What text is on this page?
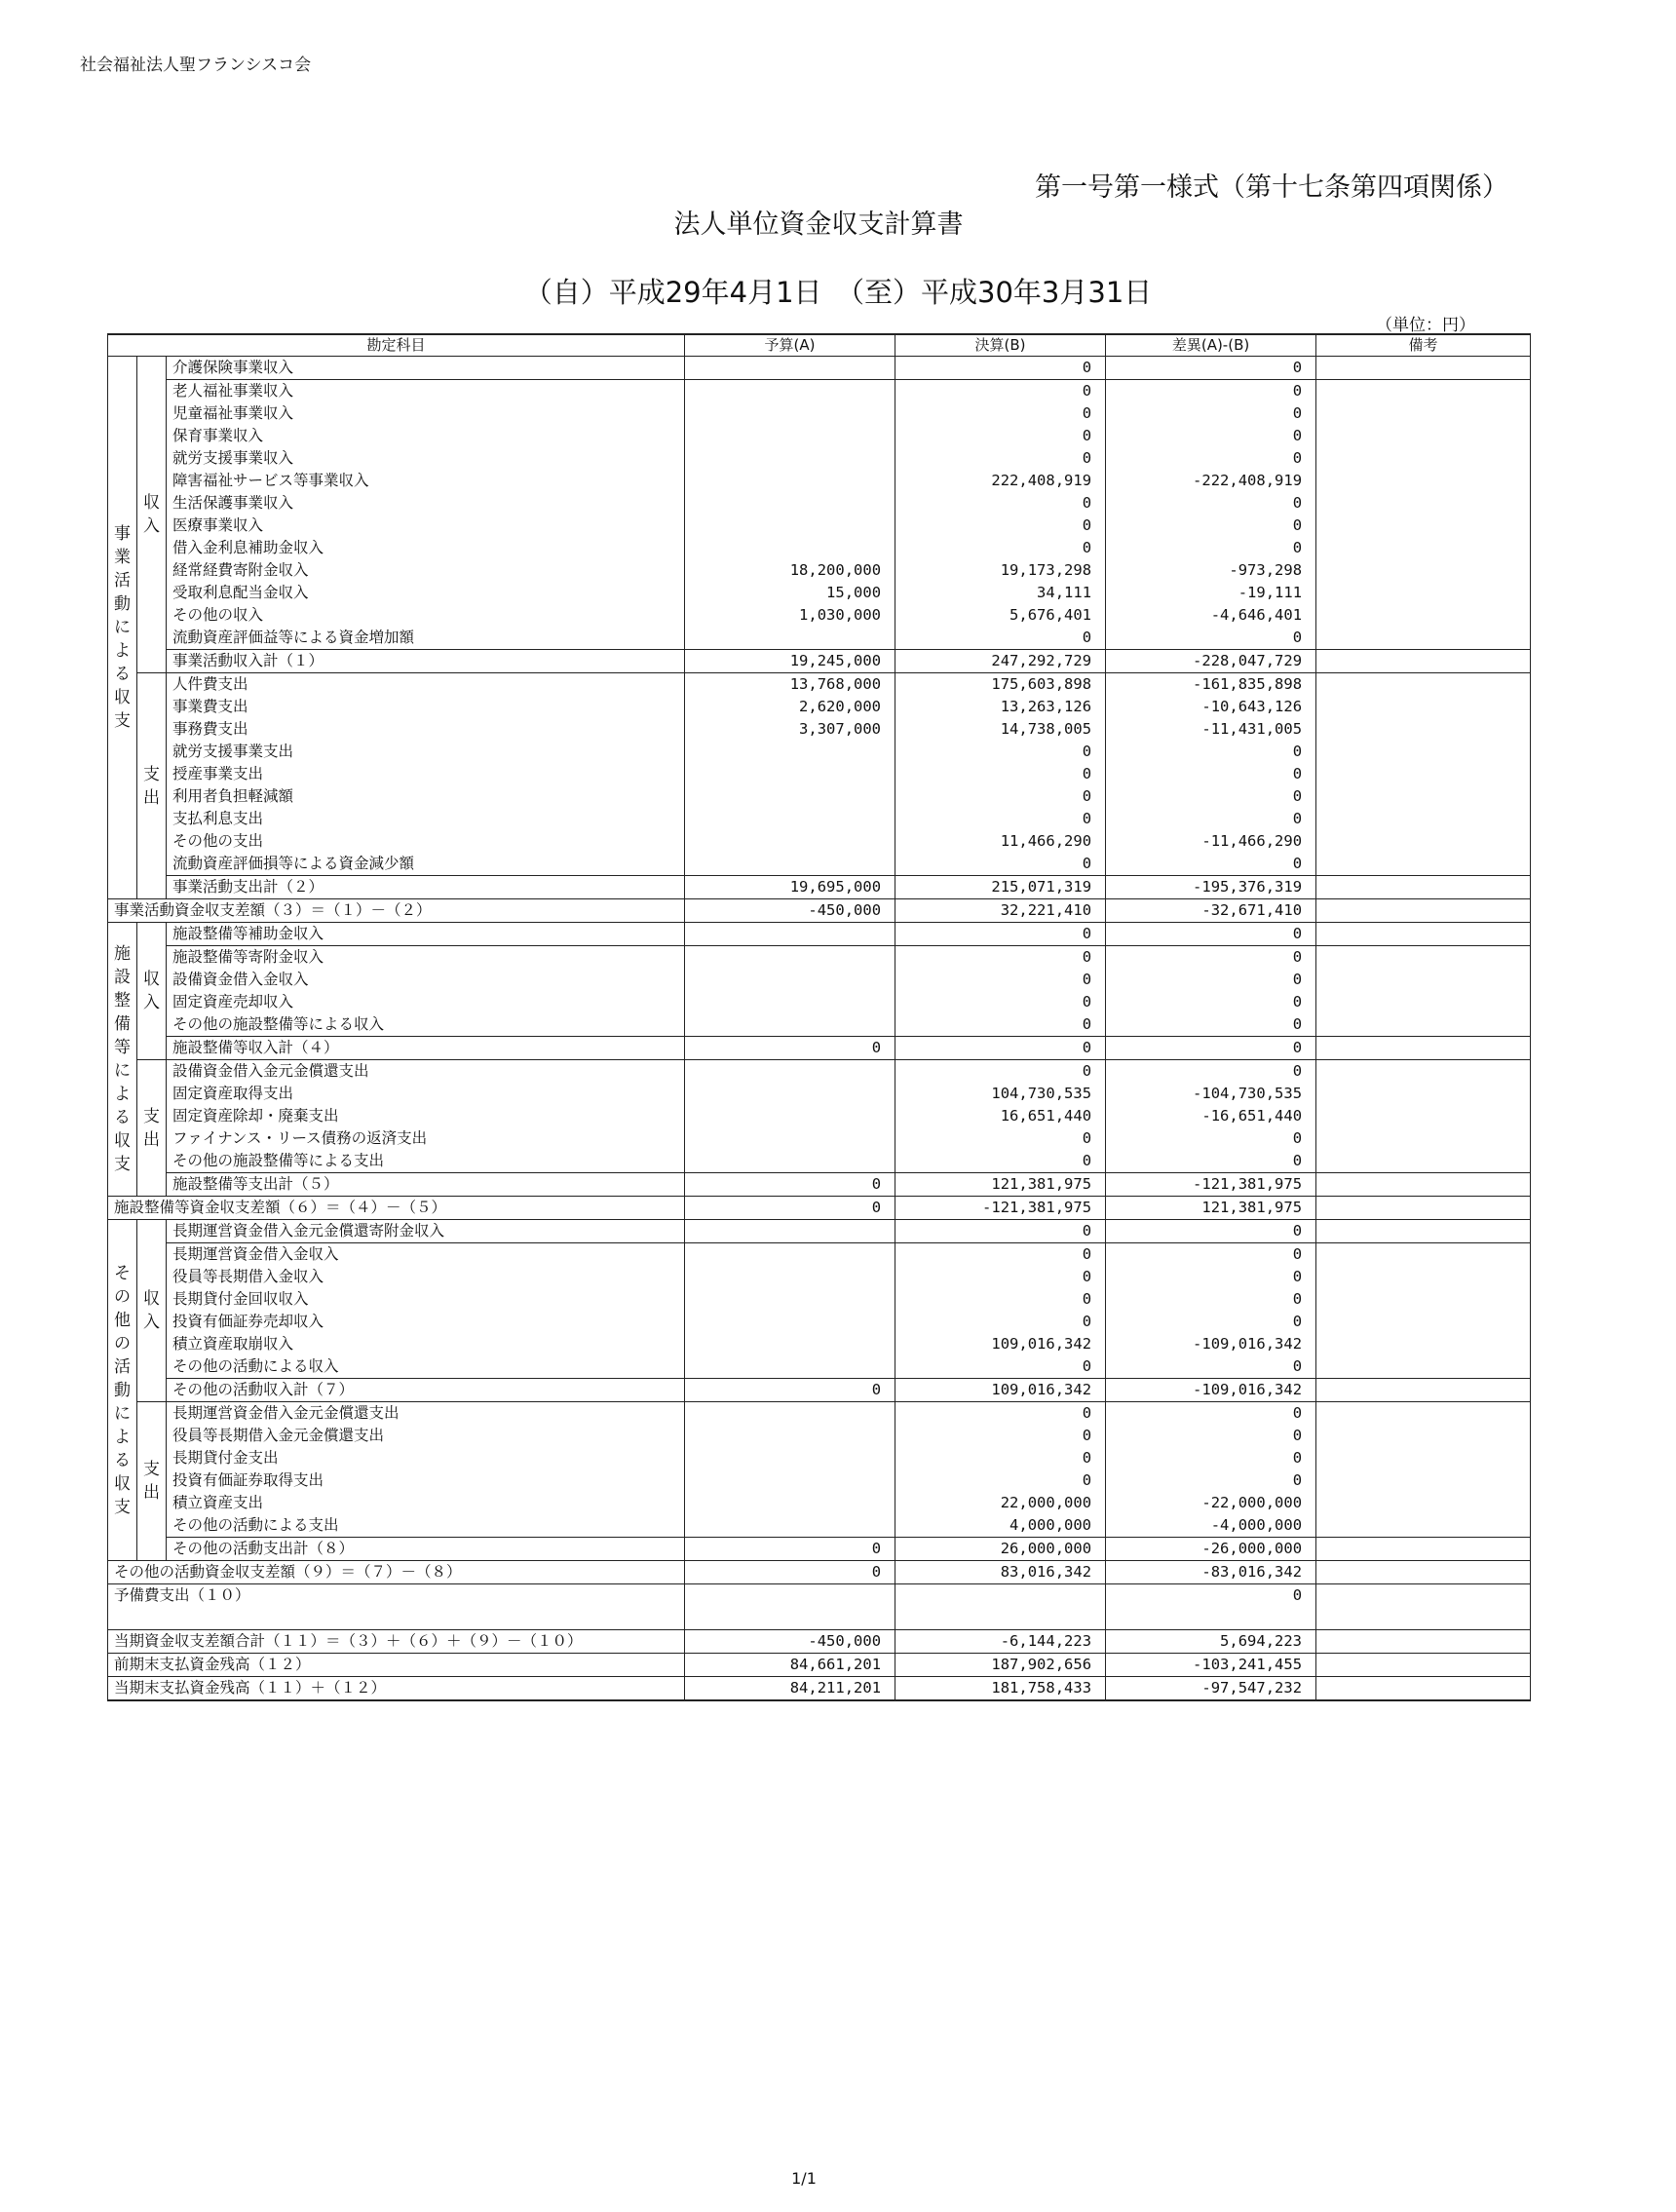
社会福祉法人聖フランシスコ会
第一号第一様式（第十七条第四項関係）
法人単位資金収支計算書
（自）平成29年4月1日　（至）平成30年3月31日
（単位：円）
勘定科目			予算(A)	決算(B)	差異(A)-(B)	備考
事業活動による収支	収入	介護保険事業収入		0	0	
		老人福祉事業収入		0	0	
		児童福祉事業収入		0	0	
		保育事業収入		0	0	
		就労支援事業収入		0	0	
		障害福祉サービス等事業収入		222,408,919	-222,408,919	
		生活保護事業収入		0	0	
		医療事業収入		0	0	
		借入金利息補助金収入		0	0	
		経常経費寄附金収入	18,200,000	19,173,298	-973,298	
		受取利息配当金収入	15,000	34,111	-19,111	
		その他の収入	1,030,000	5,676,401	-4,646,401	
		流動資産評価益等による資金増加額		0	0	
		事業活動収入計（１）	19,245,000	247,292,729	-228,047,729	
	支出	人件費支出	13,768,000	175,603,898	-161,835,898	
		事業費支出	2,620,000	13,263,126	-10,643,126	
		事務費支出	3,307,000	14,738,005	-11,431,005	
		就労支援事業支出		0	0	
		授産事業支出		0	0	
		利用者負担軽減額		0	0	
		支払利息支出		0	0	
		その他の支出		11,466,290	-11,466,290	
		流動資産評価損等による資金減少額		0	0	
		事業活動支出計（２）	19,695,000	215,071,319	-195,376,319	
事業活動資金収支差額（３）＝（１）－（２）			-450,000	32,221,410	-32,671,410	
施設整備等による収支	収入	施設整備等補助金収入		0	0	
		施設整備等寄附金収入		0	0	
		設備資金借入金収入		0	0	
		固定資産売却収入		0	0	
		その他の施設整備等による収入		0	0	
		施設整備等収入計（４）	0	0	0	
	支出	設備資金借入金元金償還支出		0	0	
		固定資産取得支出		104,730,535	-104,730,535	
		固定資産除却・廃棄支出		16,651,440	-16,651,440	
		ファイナンス・リース債務の返済支出		0	0	
		その他の施設整備等による支出		0	0	
		施設整備等支出計（５）	0	121,381,975	-121,381,975	
施設整備等資金収支差額（６）＝（４）－（５）			0	-121,381,975	121,381,975	
その他の活動による収支	収入	長期運営資金借入金元金償還寄附金収入		0	0	
		長期運営資金借入金収入		0	0	
		役員等長期借入金収入		0	0	
		長期貸付金回収収入		0	0	
		投資有価証券売却収入		0	0	
		積立資産取崩収入		109,016,342	-109,016,342	
		その他の活動による収入		0	0	
		その他の活動収入計（７）	0	109,016,342	-109,016,342	
	支出	長期運営資金借入金元金償還支出		0	0	
		役員等長期借入金元金償還支出		0	0	
		長期貸付金支出		0	0	
		投資有価証券取得支出		0	0	
		積立資産支出		22,000,000	-22,000,000	
		その他の活動による支出		4,000,000	-4,000,000	
		その他の活動支出計（８）	0	26,000,000	-26,000,000	
その他の活動資金収支差額（９）＝（７）－（８）			0	83,016,342	-83,016,342	
予備費支出（１０）					0	
当期資金収支差額合計（１１）＝（３）＋（６）＋（９）－（１０）			-450,000	-6,144,223	5,694,223	
前期末支払資金残高（１２）			84,661,201	187,902,656	-103,241,455	
当期末支払資金残高（１１）＋（１２）			84,211,201	181,758,433	-97,547,232	
1/1
